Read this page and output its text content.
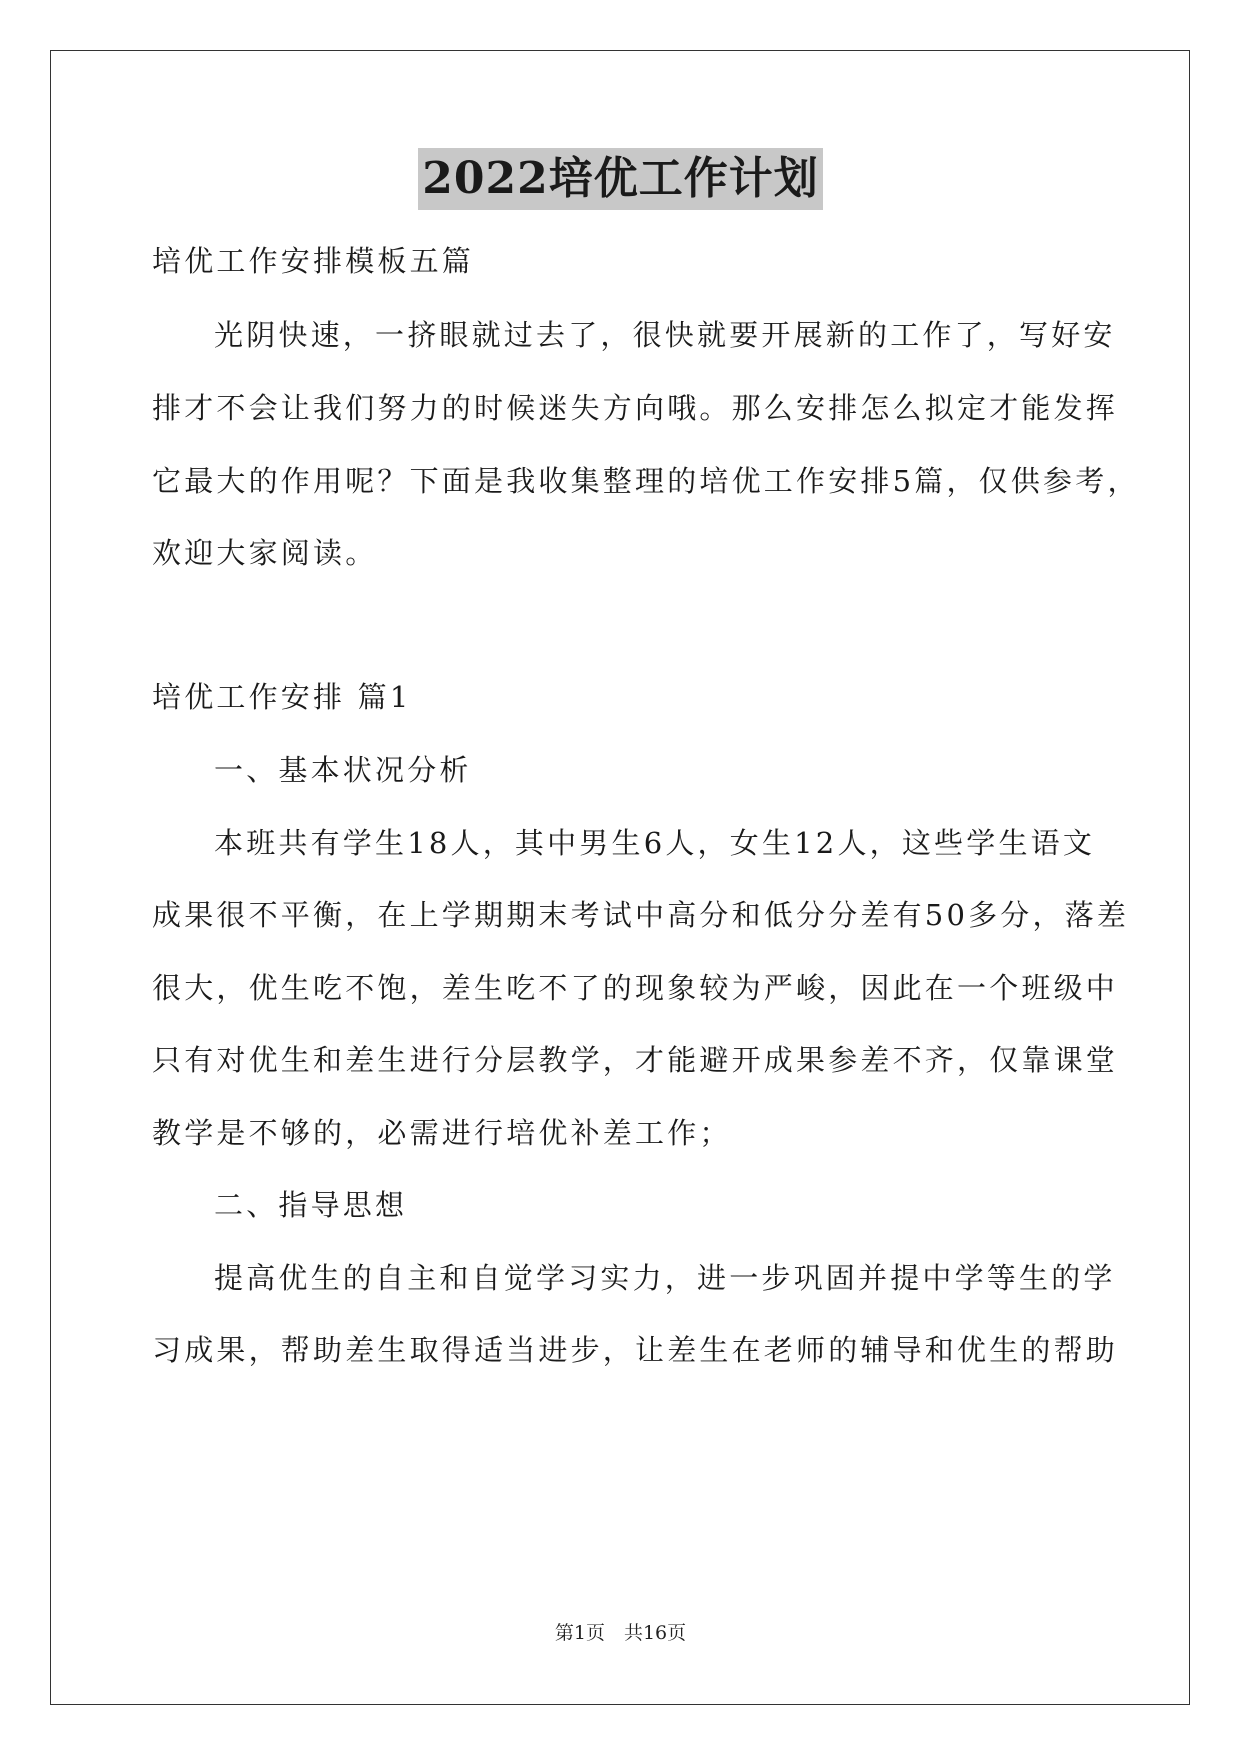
2022培优工作计划
培优工作安排模板五篇
光阴快速，一挤眼就过去了，很快就要开展新的工作了，写好安
排才不会让我们努力的时候迷失方向哦。那么安排怎么拟定才能发挥
它最大的作用呢？下面是我收集整理的培优工作安排5篇，仅供参考，
欢迎大家阅读。
培优工作安排 篇1
一、基本状况分析
本班共有学生18人，其中男生6人，女生12人，这些学生语文
成果很不平衡，在上学期期末考试中高分和低分分差有50多分，落差
很大，优生吃不饱，差生吃不了的现象较为严峻，因此在一个班级中
只有对优生和差生进行分层教学，才能避开成果参差不齐，仅靠课堂
教学是不够的，必需进行培优补差工作；
二、指导思想
提高优生的自主和自觉学习实力，进一步巩固并提中学等生的学
习成果，帮助差生取得适当进步，让差生在老师的辅导和优生的帮助
第1页　共16页
